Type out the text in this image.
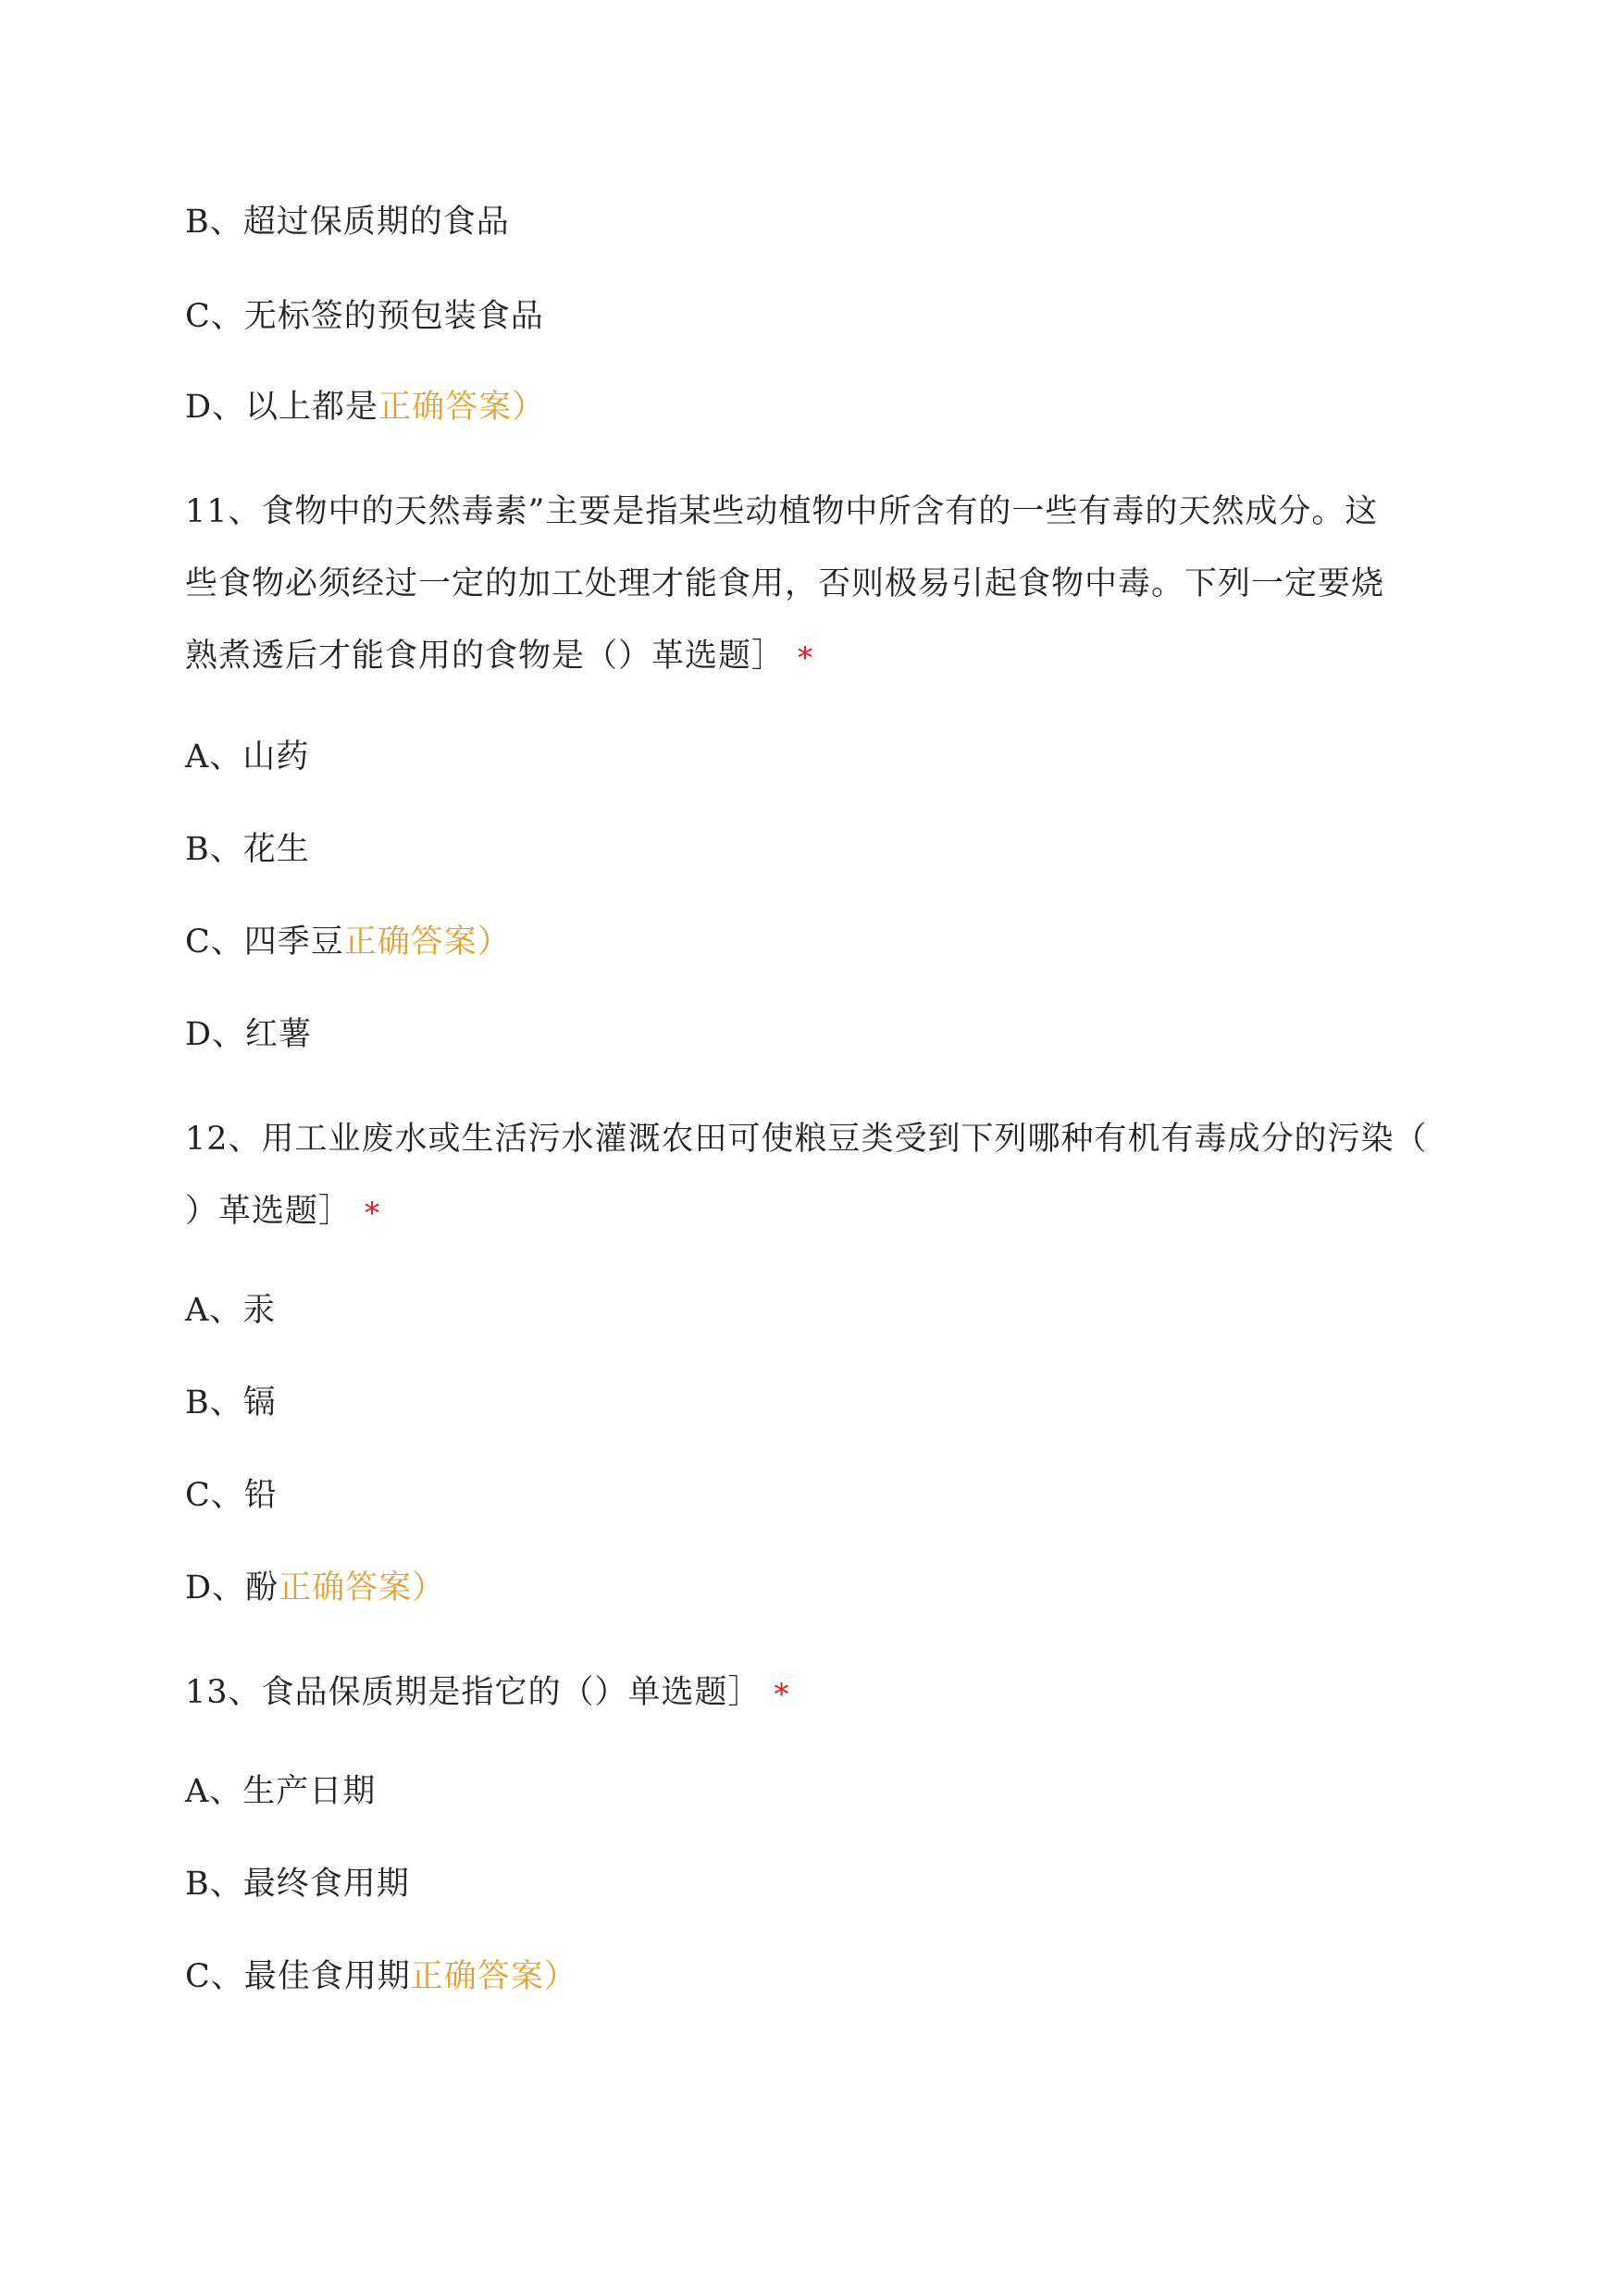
B、超过保质期的食品
C、无标签的预包装食品
D、以上都是正确答案）
11、食物中的天然毒素”主要是指某些动植物中所含有的一些有毒的天然成分。这
些食物必须经过一定的加工处理才能食用，否则极易引起食物中毒。下列一定要烧
熟煮透后才能食用的食物是（）革选题］ *
A、山药
B、花生
C、四季豆正确答案）
D、红薯
12、用工业废水或生活污水灌溉农田可使粮豆类受到下列哪种有机有毒成分的污染（
）革选题］ *
A、汞
B、镉
C、铅
D、酚正确答案）
13、食品保质期是指它的（）单选题］ *
A、生产日期
B、最终食用期
C、最佳食用期正确答案）
